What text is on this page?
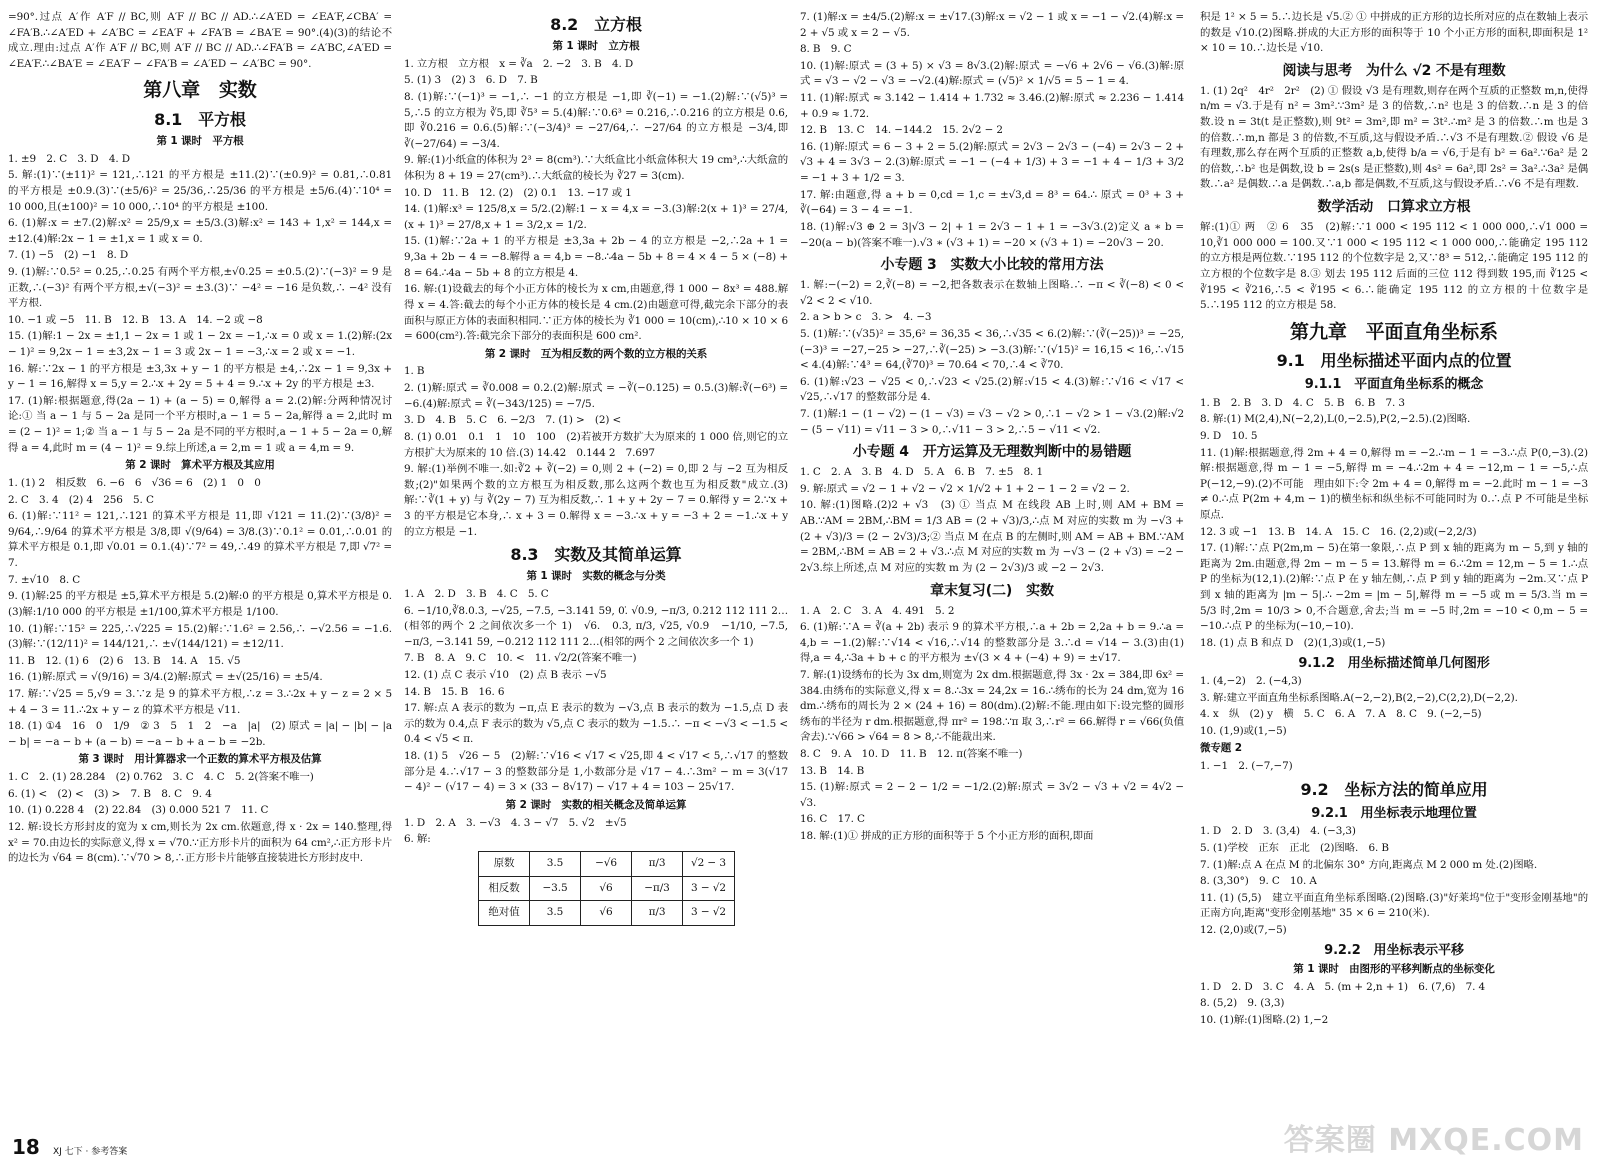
=90°.过点 A′作 A′F // BC,则 A′F // BC // AD.∴∠A′ED = ∠EA′F,∠CBA′ = ∠FA′B.∴∠A′ED + ∠A′BC = ∠EA′F + ∠FA′B = ∠BA′E = 90°.(4)(3)的结论不成立.理由:过点 A′作 A′F // BC,则 A′F // BC // AD.∴∠FA′B = ∠A′BC,∠A′ED = ∠EA′F.∴∠BA′E = ∠EA′F − ∠FA′B = ∠A′ED − ∠A′BC = 90°.

第八章　实数
8.1　平方根
第 1 课时　平方根

1. ±9　2. C　3. D　4. D

5. 解:(1)∵(±11)² = 121,∴121 的平方根是 ±11.(2)∵(±0.9)² = 0.81,∴0.81 的平方根是 ±0.9.(3)∵(±5/6)² = 25/36,∴25/36 的平方根是 ±5/6.(4)∵10⁴ = 10 000,且(±100)² = 10 000,∴10⁴ 的平方根是 ±100.

6. (1)解:x = ±7.(2)解:x² = 25/9,x = ±5/3.(3)解:x² = 143 + 1,x² = 144,x = ±12.(4)解:2x − 1 = ±1,x = 1 或 x = 0.

7. (1) −5　(2) −1　8. D

9. (1)解:∵0.5² = 0.25,∴0.25 有两个平方根,±√0.25 = ±0.5.(2)∵(−3)² = 9 是正数,∴(−3)² 有两个平方根,±√(−3)² = ±3.(3)∵ −4² = −16 是负数,∴ −4² 没有平方根.

10. −1 或 −5　11. B　12. B　13. A　14. −2 或 −8

15. (1)解:1 − 2x = ±1,1 − 2x = 1 或 1 − 2x = −1,∴x = 0 或 x = 1.(2)解:(2x − 1)² = 9,2x − 1 = ±3,2x − 1 = 3 或 2x − 1 = −3,∴x = 2 或 x = −1.

16. 解:∵2x − 1 的平方根是 ±3,3x + y − 1 的平方根是 ±4,∴2x − 1 = 9,3x + y − 1 = 16,解得 x = 5,y = 2.∴x + 2y = 5 + 4 = 9.∴x + 2y 的平方根是 ±3.

17. (1)解:根据题意,得(2a − 1) + (a − 5) = 0,解得 a = 2.(2)解:分两种情况讨论:① 当 a − 1 与 5 − 2a 是同一个平方根时,a − 1 = 5 − 2a,解得 a = 2,此时 m = (2 − 1)² = 1;② 当 a − 1 与 5 − 2a 是不同的平方根时,a − 1 + 5 − 2a = 0,解得 a = 4,此时 m = (4 − 1)² = 9.综上所述,a = 2,m = 1 或 a = 4,m = 9.

第 2 课时　算术平方根及其应用

1. (1) 2　相反数　6. −6　6　√36 = 6　(2) 1　0　0

2. C　3. 4　(2) 4　256　5. C

6. (1)解:∵11² = 121,∴121 的算术平方根是 11,即 √121 = 11.(2)∵(3/8)² = 9/64,∴9/64 的算术平方根是 3/8,即 √(9/64) = 3/8.(3)∵0.1² = 0.01,∴0.01 的算术平方根是 0.1,即 √0.01 = 0.1.(4)∵7² = 49,∴49 的算术平方根是 7,即 √7² = 7.

7. ±√10　8. C

9. (1)解:25 的平方根是 ±5,算术平方根是 5.(2)解:0 的平方根是 0,算术平方根是 0.(3)解:1/10 000 的平方根是 ±1/100,算术平方根是 1/100.

10. (1)解:∵15² = 225,∴√225 = 15.(2)解:∵1.6² = 2.56,∴ −√2.56 = −1.6.(3)解:∵(12/11)² = 144/121,∴ ±√(144/121) = ±12/11.

11. B　12. (1) 6　(2) 6　13. B　14. A　15. √5

16. (1)解:原式 = √(9/16) = 3/4.(2)解:原式 = ±√(25/16) = ±5/4.

17. 解:∵√25 = 5,√9 = 3.∵z 是 9 的算术平方根,∴z = 3.∴2x + y − z = 2 × 5 + 4 − 3 = 11.∴2x + y − z 的算术平方根是 √11.

18. (1) ①4　16　0　1/9　② 3　5　1　2　−a　|a|　(2) 原式 = |a| − |b| − |a − b| = −a − b + (a − b) = −a − b + a − b = −2b.

第 3 课时　用计算器求一个正数的算术平方根及估算

1. C　2. (1) 28.284　(2) 0.762　3. C　4. C　5. 2(答案不唯一)

6. (1) <　(2) <　(3) >　7. B　8. C　9. 4

10. (1) 0.228 4　(2) 22.84　(3) 0.000 521 7　11. C

12. 解:设长方形封皮的宽为 x cm,则长为 2x cm.依题意,得 x · 2x = 140.整理,得 x² = 70.由边长的实际意义,得 x = √70.∵正方形卡片的面积为 64 cm²,∴正方形卡片的边长为 √64 = 8(cm).∵√70 > 8,∴正方形卡片能够直接装进长方形封皮中.

8.2　立方根
第 1 课时　立方根

1. 立方根　立方根　x = ∛a　2. −2　3. B　4. D

5. (1) 3　(2) 3　6. D　7. B

8. (1)解:∵(−1)³ = −1,∴ −1 的立方根是 −1,即 ∛(−1) = −1.(2)解:∵(√5)³ = 5,∴5 的立方根为 ∛5,即 ∛5³ = 5.(4)解:∵0.6³ = 0.216,∴0.216 的立方根是 0.6,即 ∛0.216 = 0.6.(5)解:∵(−3/4)³ = −27/64,∴ −27/64 的立方根是 −3/4,即 ∛(−27/64) = −3/4.

9. 解:(1)小纸盒的体积为 2³ = 8(cm³).∵大纸盒比小纸盒体积大 19 cm³,∴大纸盒的体积为 8 + 19 = 27(cm³).∴大纸盒的棱长为 ∛27 = 3(cm).

10. D　11. B　12. (2)　(2) 0.1　13. −17 或 1

14. (1)解:x³ = 125/8,x = 5/2.(2)解:1 − x = 4,x = −3.(3)解:2(x + 1)³ = 27/4,(x + 1)³ = 27/8,x + 1 = 3/2,x = 1/2.

15. (1)解:∵2a + 1 的平方根是 ±3,3a + 2b − 4 的立方根是 −2,∴2a + 1 = 9,3a + 2b − 4 = −8.解得 a = 4,b = −8.∴4a − 5b + 8 = 4 × 4 − 5 × (−8) + 8 = 64.∴4a − 5b + 8 的立方根是 4.

16. 解:(1)设截去的每个小正方体的棱长为 x cm,由题意,得 1 000 − 8x³ = 488.解得 x = 4.答:截去的每个小正方体的棱长是 4 cm.(2)由题意可得,截完余下部分的表面积与原正方体的表面积相同.∵正方体的棱长为 ∛1 000 = 10(cm),∴10 × 10 × 6 = 600(cm²).答:截完余下部分的表面积是 600 cm².

第 2 课时　互为相反数的两个数的立方根的关系

1. B

2. (1)解:原式 = ∛0.008 = 0.2.(2)解:原式 = −∛(−0.125) = 0.5.(3)解:∛(−6³) = −6.(4)解:原式 = ∛(−343/125) = −7/5.

3. D　4. B　5. C　6. −2/3　7. (1) >　(2) <

8. (1) 0.01　0.1　1　10　100　(2)若被开方数扩大为原来的 1 000 倍,则它的立方根扩大为原来的 10 倍.(3) 14.42　0.144 2　7.697

9. 解:(1)举例不唯一.如:∛2 + ∛(−2) = 0,则 2 + (−2) = 0,即 2 与 −2 互为相反数;(2)"如果两个数的立方根互为相反数,那么这两个数也互为相反数"成立.(3)解:∵∛(1 + y) 与 ∛(2y − 7) 互为相反数,∴ 1 + y + 2y − 7 = 0.解得 y = 2.∵x + 3 的平方根是它本身,∴ x + 3 = 0.解得 x = −3.∴x + y = −3 + 2 = −1.∴x + y 的立方根是 −1.

8.3　实数及其简单运算
第 1 课时　实数的概念与分类

1. A　2. D　3. B　4. C　5. C

6. −1/10,∛8.0.3̇, −√25, −7.5, −3.141 59, 0.̇ √0.9, −π/3, 0.212 112 111 2…(相邻的两个 2 之间依次多一个 1)　√6.　0.3, π/3, √25, √0.9　−1/10, −7.5̇, −π/3, −3.141 59, −0.212 112 111 2…(相邻的两个 2 之间依次多一个 1)

7. B　8. A　9. C　10. <　11. √2/2(答案不唯一)

12. (1) 点 C 表示 √10　(2) 点 B 表示 −√5

14. B　15. B　16. 6

17. 解:点 A 表示的数为 −π,点 E 表示的数为 −√3,点 B 表示的数为 −1.5,点 D 表示的数为 0.4,点 F 表示的数为 √5,点 C 表示的数为 −1.5.∴ −π < −√3 < −1.5 < 0.4 < √5 < π.

18. (1) 5　√26 − 5　(2)解:∵√16 < √17 < √25,即 4 < √17 < 5,∴√17 的整数部分是 4.∴√17 − 3 的整数部分是 1,小数部分是 √17 − 4.∴3m² − m = 3(√17 − 4)² − (√17 − 4) = 3 × (33 − 8√17) − √17 + 4 = 103 − 25√17.

第 2 课时　实数的相关概念及简单运算

1. D　2. A　3. −√3　4. 3 − √7　5. √2　±√5

6. 解:

原数	3.5	−√6	π/3	√2 − 3
相反数	−3.5	√6	−π/3	3 − √2
绝对值	3.5	√6	π/3	3 − √2

7. (1)解:x = ±4/5.(2)解:x = ±√17.(3)解:x = √2 − 1 或 x = −1 − √2.(4)解:x = 2 + √5 或 x = 2 − √5.

8. B　9. C

10. (1)解:原式 = (3 + 5) × √3 = 8√3.(2)解:原式 = −√6 + 2√6 − √6.(3)解:原式 = √3 − √2 − √3 = −√2.(4)解:原式 = (√5)² × 1/√5 = 5 − 1 = 4.

11. (1)解:原式 ≈ 3.142 − 1.414 + 1.732 ≈ 3.46.(2)解:原式 ≈ 2.236 − 1.414 + 0.9 ≈ 1.72.

12. B　13. C　14. −144.2　15. 2√2 − 2

16. (1)解:原式 = 6 − 3 + 2 = 5.(2)解:原式 = 2√3 − 2√3 − (−4) = 2√3 − 2 + √3 + 4 = 3√3 − 2.(3)解:原式 = −1 − (−4 + 1/3) + 3 = −1 + 4 − 1/3 + 3/2 = −1 + 3 + 1/2 = 3.

17. 解:由题意,得 a + b = 0,cd = 1,c = ±√3,d = 8³ = 64.∴ 原式 = 0³ + 3 + ∛(−64) = 3 − 4 = −1.

18. (1)解:√3 ⊕ 2 = 3|√3 − 2| + 1 = 2√3 − 1 + 1 = −3√3.(2)定义 a ∗ b = −20(a − b)(答案不唯一).√3 ∗ (√3 + 1) = −20 × (√3 + 1) = −20√3 − 20.

小专题 3　实数大小比较的常用方法

1. 解:−(−2) = 2,∛(−8) = −2,把各数表示在数轴上图略.∴ −π < ∛(−8) < 0 < √2 < 2 < √10.

2. a > b > c　3. >　4. −3

5. (1)解:∵(√35)² = 35,6² = 36,35 < 36,∴√35 < 6.(2)解:∵(∛(−25))³ = −25,(−3)³ = −27,−25 > −27,∴∛(−25) > −3.(3)解:∵(√15)² = 16,15 < 16,∴√15 < 4.(4)解:∵4³ = 64,(∛70)³ = 70.64 < 70,∴4 < ∛70.

6. (1)解:√23 − √25 < 0,∴√23 < √25.(2)解:√15 < 4.(3)解:∵√16 < √17 < √25,∴√17 的整数部分是 4.

7. (1)解:1 − (1 − √2) − (1 − √3) = √3 − √2 > 0,∴1 − √2 > 1 − √3.(2)解:√2 − (5 − √11) = √11 − 3 > 0,∴√11 − 3 > 2,∴5 − √11 < √2.

小专题 4　开方运算及无理数判断中的易错题

1. C　2. A　3. B　4. D　5. A　6. B　7. ±5　8. 1

9. 解:原式 = √2 − 1 + √2 − √2 × 1/√2 + 1 + 2 − 1 − 2 = √2 − 2.

10. 解:(1)图略.(2)2 + √3　(3) ① 当点 M 在线段 AB 上时,则 AM + BM = AB.∵AM = 2BM,∴BM = 1/3 AB = (2 + √3)/3,∴点 M 对应的实数 m 为 −√3 + (2 + √3)/3 = (2 − 2√3)/3;② 当点 M 在点 B 的左侧时,则 AM = AB + BM.∵AM = 2BM,∴BM = AB = 2 + √3.∴点 M 对应的实数 m 为 −√3 − (2 + √3) = −2 − 2√3.综上所述,点 M 对应的实数 m 为 (2 − 2√3)/3 或 −2 − 2√3.

章末复习(二)　实数

1. A　2. C　3. A　4. 491　5. 2

6. (1)解:∵A = ∛(a + 2b) 表示 9 的算术平方根,∴a + 2b = 2,2a + b = 9.∴a = 4,b = −1.(2)解:∵√14 < √16,∴√14 的整数部分是 3.∴d = √14 − 3.(3)由(1)得,a = 4,∴3a + b + c 的平方根为 ±√(3 × 4 + (−4) + 9) = ±√17.

7. 解:(1)设绣布的长为 3x dm,则宽为 2x dm.根据题意,得 3x · 2x = 384,即 6x² = 384.由绣布的实际意义,得 x = 8.∴3x = 24,2x = 16.∴绣布的长为 24 dm,宽为 16 dm.∴绣布的周长为 2 × (24 + 16) = 80(dm).(2)解:不能.理由如下:设完整的圆形绣布的半径为 r dm.根据题意,得 πr² = 198.∵π 取 3,∴r² = 66.解得 r = √66(负值舍去).∵√66 > √64 = 8 > 8,∴不能裁出来.

8. C　9. A　10. D　11. B　12. π(答案不唯一)

13. B　14. B

15. (1)解:原式 = 2 − 2 − 1/2 = −1/2.(2)解:原式 = 3√2 − √3 + √2 = 4√2 − √3.

16. C　17. C

18. 解:(1)① 拼成的正方形的面积等于 5 个小正方形的面积,即面

积是 1² × 5 = 5.∴边长是 √5.② ① 中拼成的正方形的边长所对应的点在数轴上表示的数是 √10.(2)图略.拼成的大正方形的面积等于 10 个小正方形的面积,即面积是 1² × 10 = 10.∴边长是 √10.

阅读与思考　为什么 √2 不是有理数

1. (1) 2q²　4r²　2r²　(2) ① 假设 √3 是有理数,则存在两个互质的正整数 m,n,使得 n/m = √3.于是有 n² = 3m².∵3m² 是 3 的倍数,∴n² 也是 3 的倍数.∴n 是 3 的倍数.设 n = 3t(t 是正整数),则 9t² = 3m²,即 m² = 3t².∴m² 是 3 的倍数.∴m 也是 3 的倍数.∴m,n 都是 3 的倍数,不互质,这与假设矛盾.∴√3 不是有理数.② 假设 √6 是有理数,那么存在两个互质的正整数 a,b,使得 b/a = √6,于是有 b² = 6a².∵6a² 是 2 的倍数,∴b² 也是偶数,设 b = 2s(s 是正整数),则 4s² = 6a²,即 2s² = 3a².∴3a² 是偶数.∴a² 是偶数.∴a 是偶数.∴a,b 都是偶数,不互质,这与假设矛盾.∴√6 不是有理数.

数学活动　口算求立方根

解:(1)① 两　② 6　35　(2)解:∵1 000 < 195 112 < 1 000 000,∴√1 000 = 10,∛1 000 000 = 100.又∵1 000 < 195 112 < 1 000 000,∴能确定 195 112 的立方根是两位数.∵195 112 的个位数字是 2,又∵8³ = 512,∴能确定 195 112 的立方根的个位数字是 8.③ 划去 195 112 后面的三位 112 得到数 195,而 ∛125 < ∛195 < ∛216,∴5 < ∛195 < 6.∴能确定 195 112 的立方根的十位数字是 5.∴195 112 的立方根是 58.

第九章　平面直角坐标系
9.1　用坐标描述平面内点的位置
9.1.1　平面直角坐标系的概念

1. B　2. B　3. D　4. C　5. B　6. B　7. 3

8. 解:(1) M(2,4),N(−2,2),L(0,−2.5),P(2,−2.5).(2)图略.

9. D　10. 5

11. (1)解:根据题意,得 2m + 4 = 0,解得 m = −2.∴m − 1 = −3.∴点 P(0,−3).(2)解:根据题意,得 m − 1 = −5,解得 m = −4.∴2m + 4 = −12,m − 1 = −5,∴点 P(−12,−9).(2)不可能　理由如下:令 2m + 4 = 0,解得 m = −2.此时 m − 1 = −3 ≠ 0.∴点 P(2m + 4,m − 1)的横坐标和纵坐标不可能同时为 0.∴点 P 不可能是坐标原点.

12. 3 或 −1　13. B　14. A　15. C　16. (2,2)或(−2,2/3)

17. (1)解:∵点 P(2m,m − 5)在第一象限,∴点 P 到 x 轴的距离为 m − 5,到 y 轴的距离为 2m.由题意,得 2m − m − 5 = 13.解得 m = 6.∴2m = 12,m − 5 = 1.∴点 P 的坐标为(12,1).(2)解:∵点 P 在 y 轴左侧,∴点 P 到 y 轴的距离为 −2m.又∵点 P 到 x 轴的距离为 |m − 5|.∴ −2m = |m − 5|,解得 m = −5 或 m = 5/3.当 m = 5/3 时,2m = 10/3 > 0,不合题意,舍去;当 m = −5 时,2m = −10 < 0,m − 5 = −10.∴点 P 的坐标为(−10,−10).

18. (1) 点 B 和点 D　(2)(1,3)或(1,−5)

9.1.2　用坐标描述简单几何图形

1. (4,−2)　2. (−4,3)

3. 解:建立平面直角坐标系图略.A(−2,−2),B(2,−2),C(2,2),D(−2,2).

4. x　纵　(2) y　横　5. C　6. A　7. A　8. C　9. (−2,−5)

10. (1,9)或(1,−5)

微专题 2

1. −1　2. (−7,−7)

9.2　坐标方法的简单应用
9.2.1　用坐标表示地理位置

1. D　2. D　3. (3,4)　4. (−3,3)

5. (1)学校　正东　正北　(2)图略.　6. B

7. (1)解:点 A 在点 M 的北偏东 30° 方向,距离点 M 2 000 m 处.(2)图略.

8. (3,30°)　9. C　10. A

11. (1) (5,5)　建立平面直角坐标系图略.(2)图略.(3)"好莱坞"位于"变形金刚基地"的正南方向,距离"变形金刚基地" 35 × 6 = 210(米).

12. (2,0)或(7,−5)

9.2.2　用坐标表示平移
第 1 课时　由图形的平移判断点的坐标变化

1. D　2. D　3. C　4. A　5. (m + 2,n + 1)　6. (7,6)　7. 4

8. (5,2)　9. (3,3)

10. (1)解:(1)图略.(2) 1,−2

18 XJ 七下 · 参考答案	答案圈 MXQE.COM
